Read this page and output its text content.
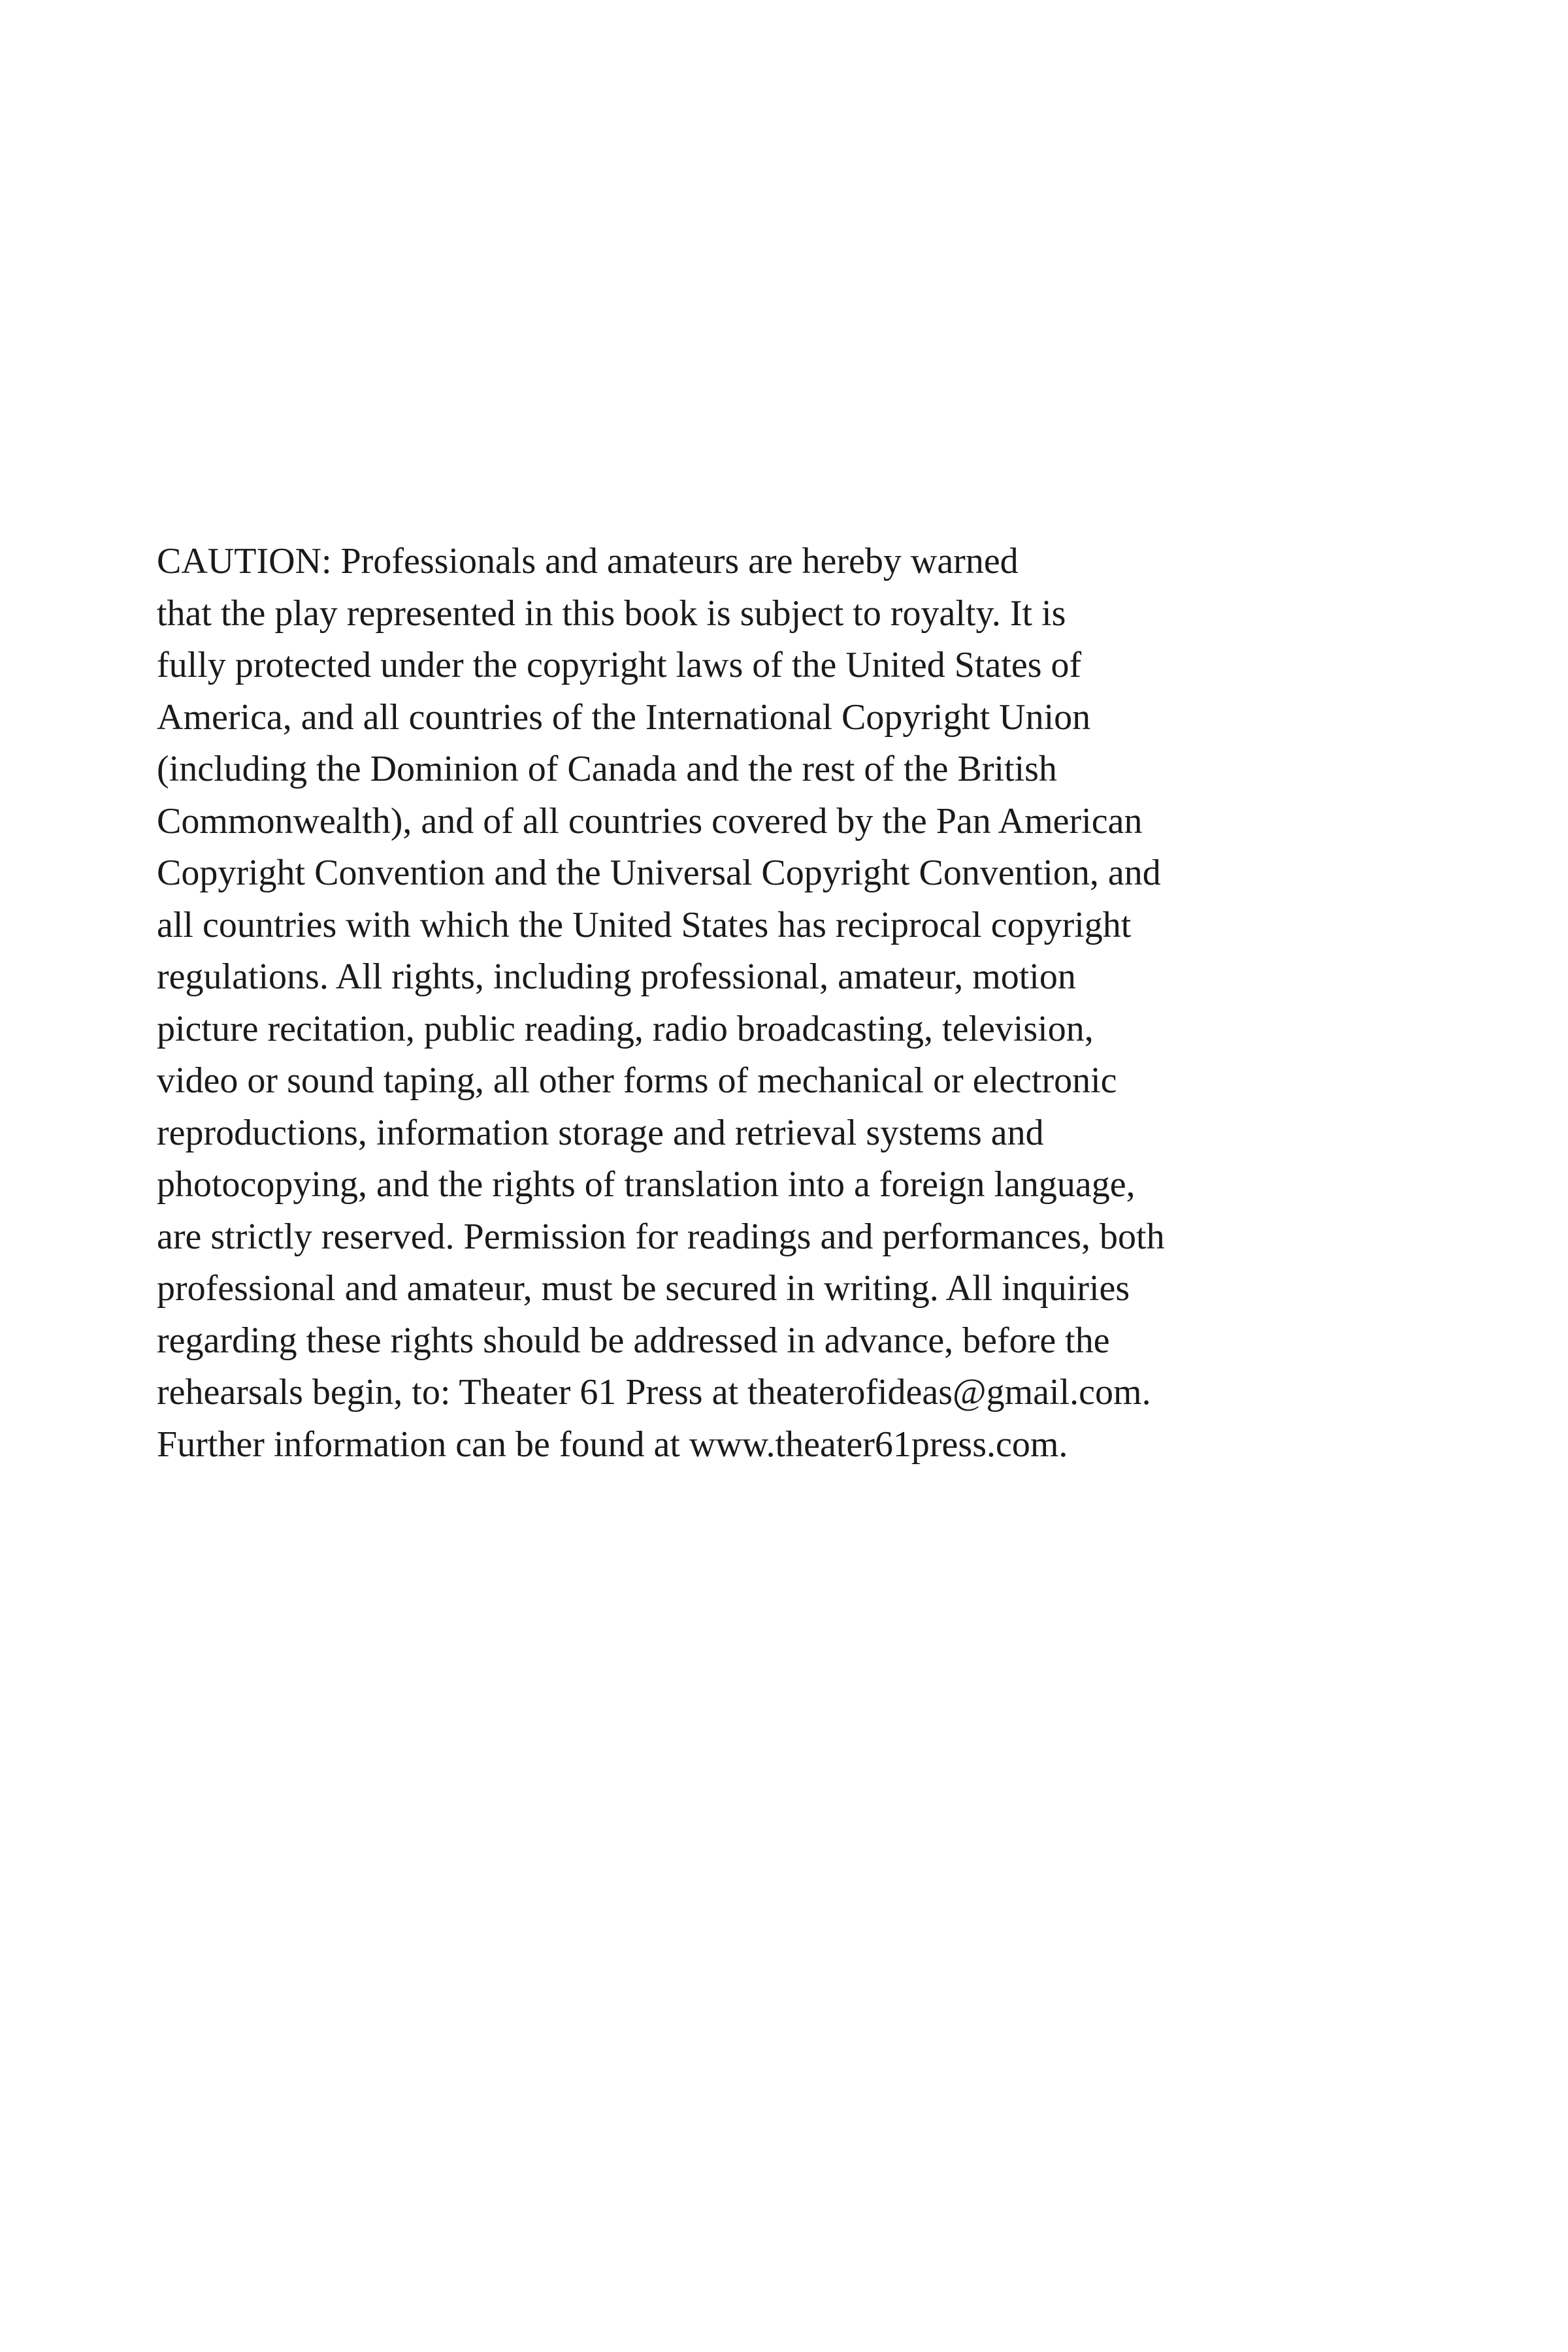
CAUTION: Professionals and amateurs are hereby warned
that the play represented in this book is subject to royalty. It is
fully protected under the copyright laws of the United States of
America, and all countries of the International Copyright Union
(including the Dominion of Canada and the rest of the British
Commonwealth), and of all countries covered by the Pan American
Copyright Convention and the Universal Copyright Convention, and
all countries with which the United States has reciprocal copyright
regulations. All rights, including professional, amateur, motion
picture recitation, public reading, radio broadcasting, television,
video or sound taping, all other forms of mechanical or electronic
reproductions, information storage and retrieval systems and
photocopying, and the rights of translation into a foreign language,
are strictly reserved. Permission for readings and performances, both
professional and amateur, must be secured in writing. All inquiries
regarding these rights should be addressed in advance, before the
rehearsals begin, to: Theater 61 Press at theaterofideas@gmail.com.
Further information can be found at www.theater61press.com.
